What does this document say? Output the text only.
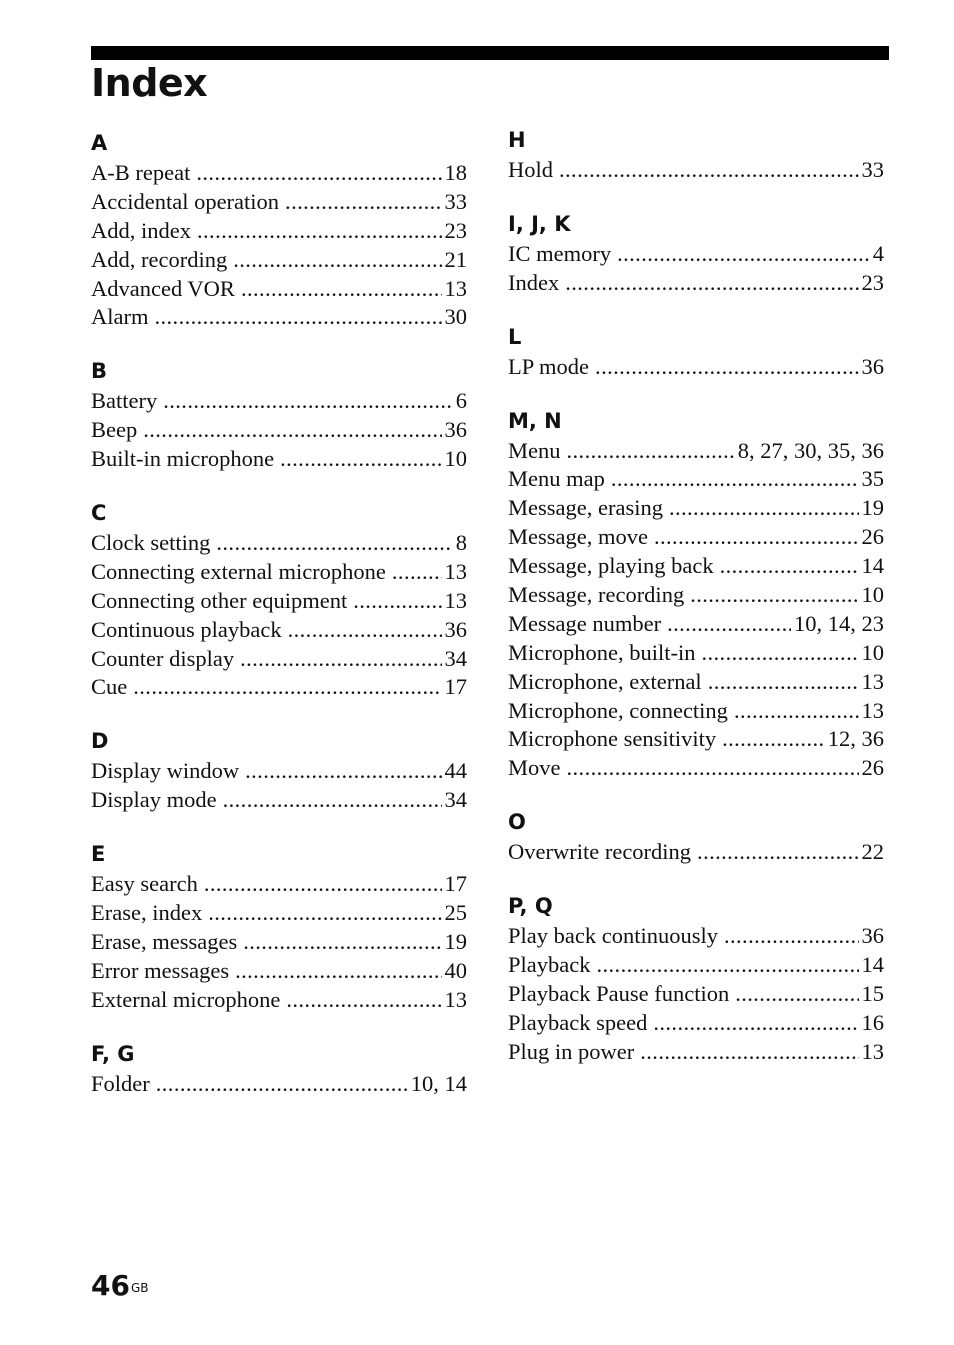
Index
A
A-B repeat .....	18
Accidental operation .....	33
Add, index .....	23
Add, recording .....	21
Advanced VOR .....	13
Alarm .....	30
B
Battery .....	6
Beep .....	36
Built-in microphone .....	10
C
Clock setting .....	8
Connecting external microphone .....	13
Connecting other equipment .....	13
Continuous playback .....	36
Counter display .....	34
Cue .....	17
D
Display window .....	44
Display mode .....	34
E
Easy search .....	17
Erase, index .....	25
Erase, messages .....	19
Error messages .....	40
External microphone .....	13
F, G
Folder .....	10, 14
H
Hold .....	33
I, J, K
IC memory .....	4
Index .....	23
L
LP mode .....	36
M, N
Menu .....	8, 27, 30, 35, 36
Menu map .....	35
Message, erasing .....	19
Message, move .....	26
Message, playing back .....	14
Message, recording .....	10
Message number .....	10, 14, 23
Microphone, built-in .....	10
Microphone, external .....	13
Microphone, connecting .....	13
Microphone sensitivity .....	12, 36
Move .....	26
O
Overwrite recording .....	22
P, Q
Play back continuously .....	36
Playback .....	14
Playback Pause function .....	15
Playback speed .....	16
Plug in power .....	13
$46^{GB}$
